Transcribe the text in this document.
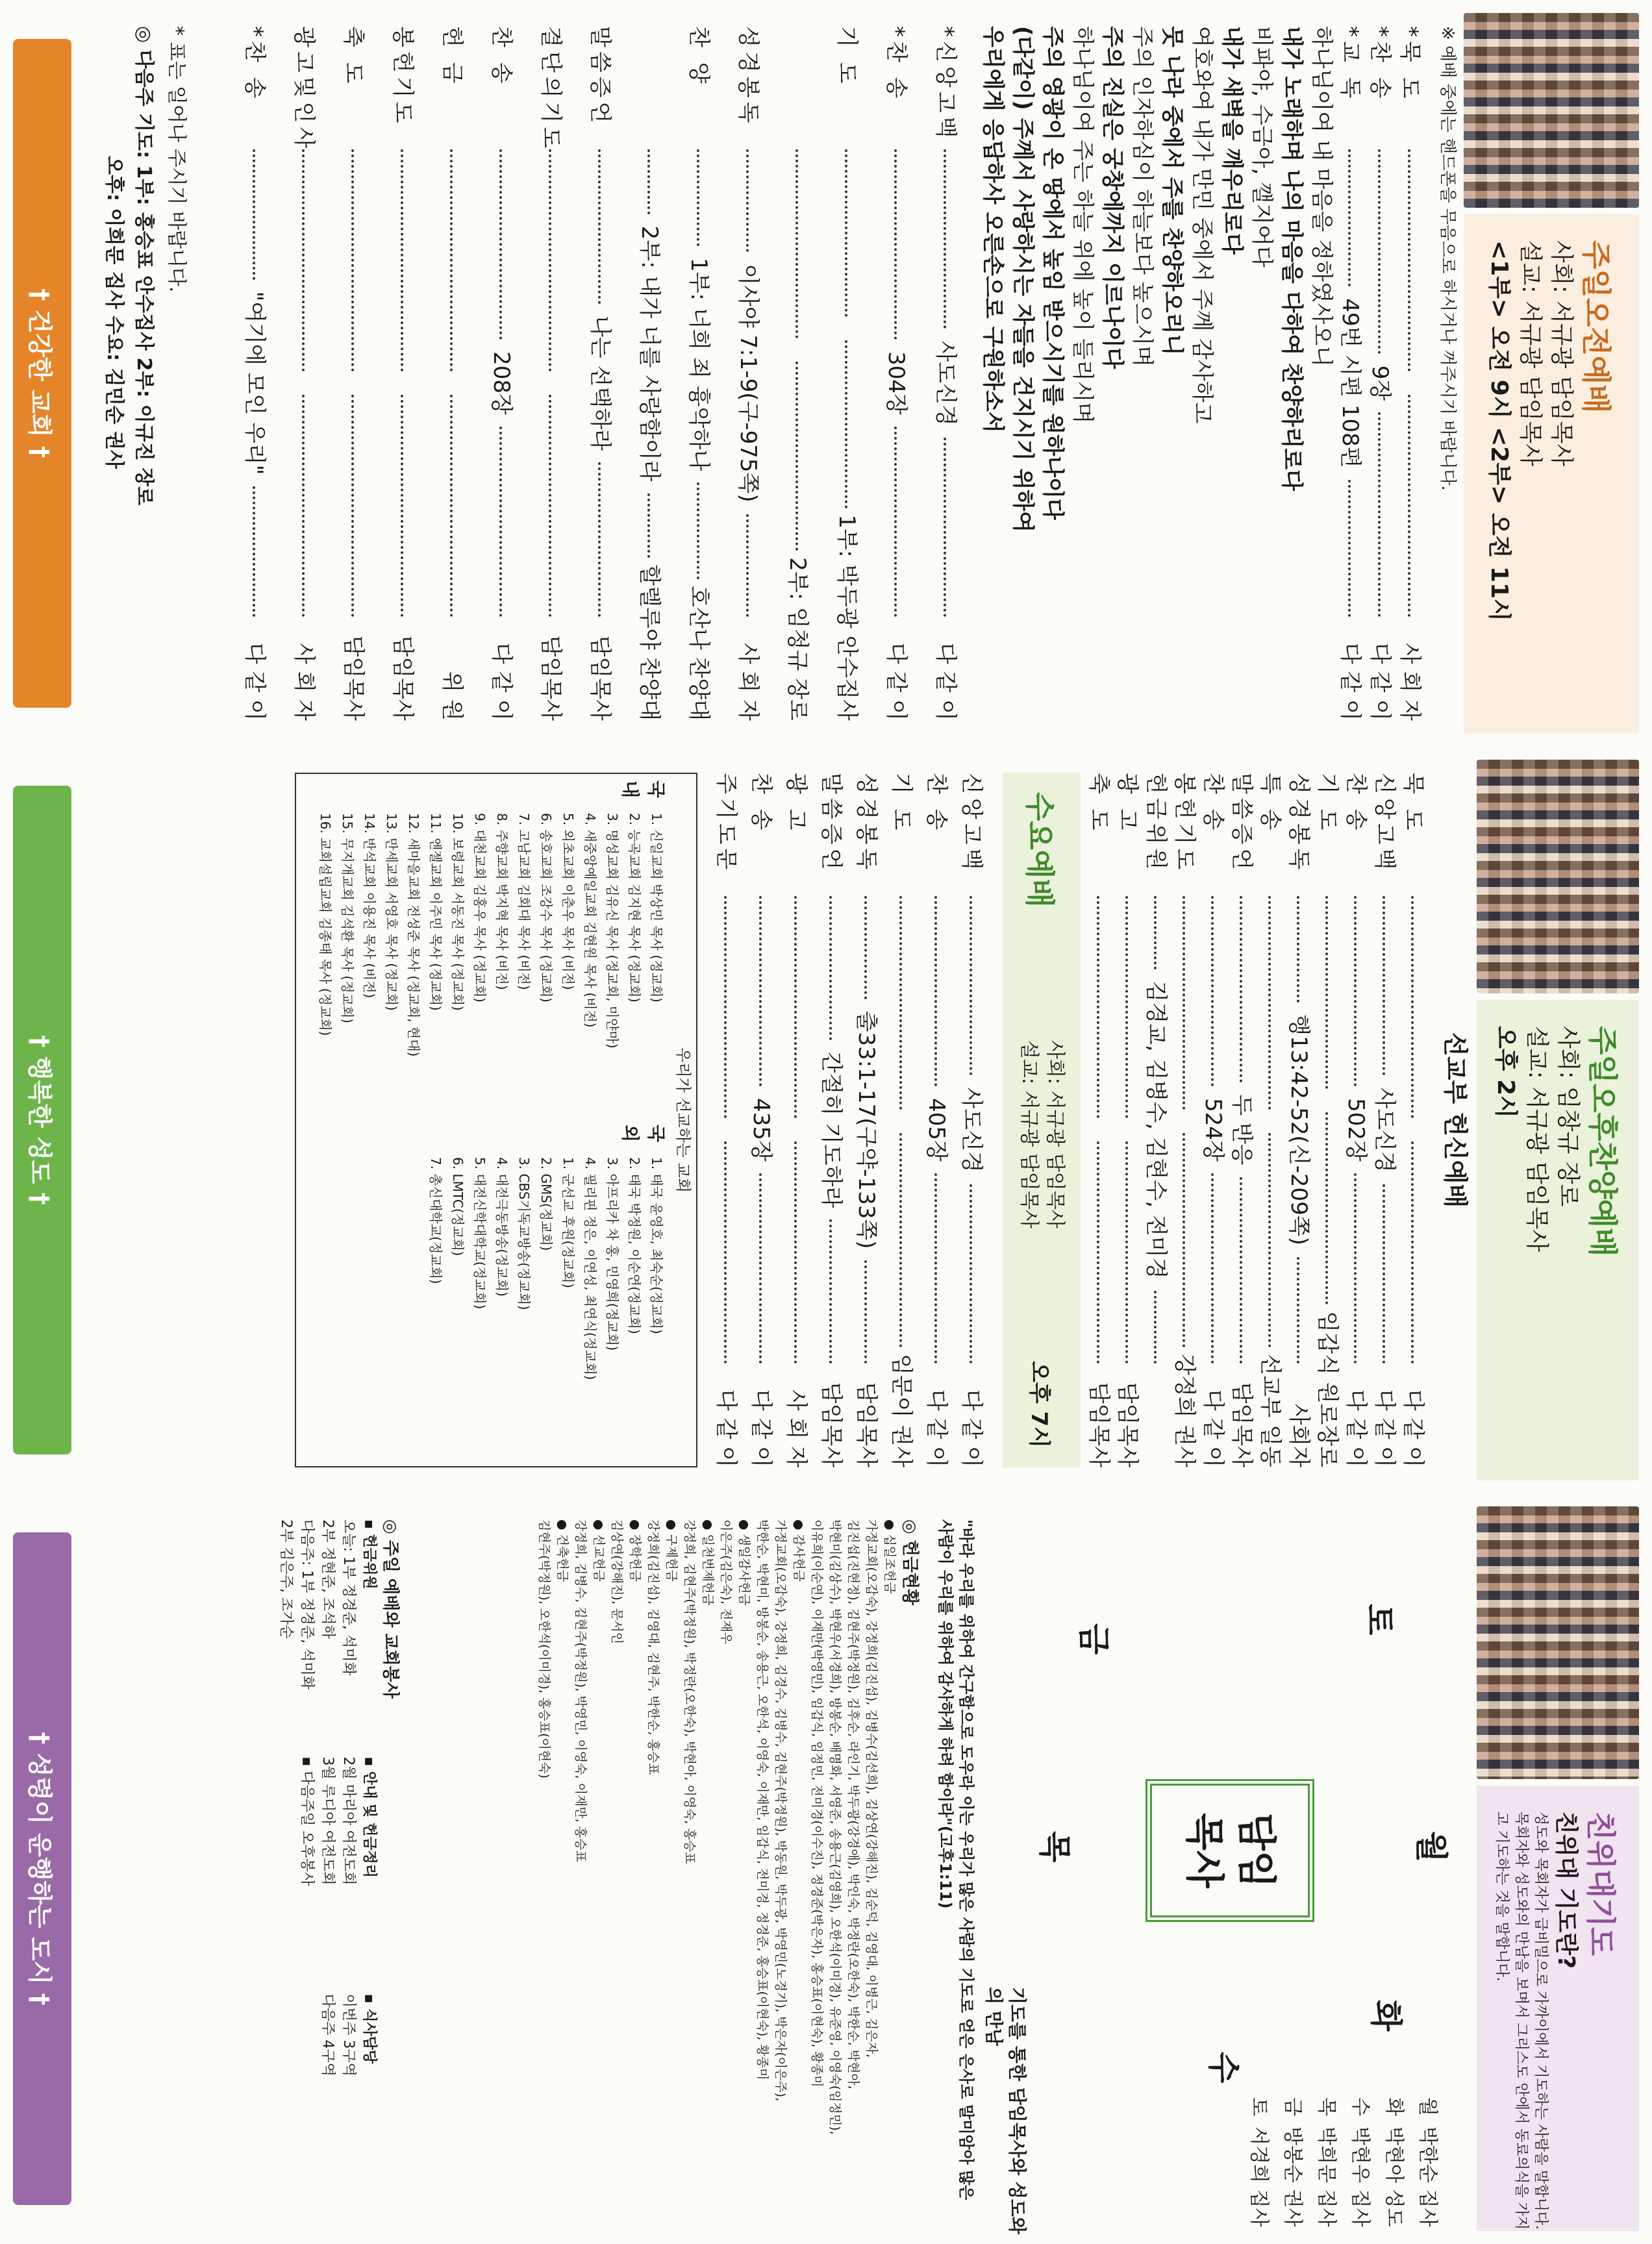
주일오전예배
사회: 서규광 담임목사
설교: 서규광 담임목사
<1부> 오전 9시 <2부> 오전 11시
※ 예배 중에는 핸드폰을 무음으로 하시거나 꺼주시기 바랍니다.
*묵 도
사 회 자
*찬 송
9장
다 같 이
*교 독
49번 시편 108편
다 같 이
하나님이여 내 마음을 정하였사오니
내가 노래하며 나의 마음을 다하여 찬양하리로다
비파야, 수금아, 깰지어다
내가 새벽을 깨우리로다
여호와여 내가 만민 중에서 주께 감사하고
뭇 나라 중에서 주를 찬양하오리니
주의 인자하심이 하늘보다 높으시며
주의 진실은 궁창에까지 이르나이다
하나님이여 주는 하늘 위에 높이 들리시며
주의 영광이 온 땅에서 높임 받으시기를 원하나이다
(다같이) 주께서 사랑하시는 자들을 건지시기 위하여
우리에게 응답하사 오른손으로 구원하소서
*신앙고백
사도신경
다 같 이
*찬 송
304장
다 같 이
기 도
1부: 박두광 안수집사
2부: 임청규 장로
성경봉독
이사야 7:1-9(구-975쪽)
사 회 자
찬 양
1부: 너희 죄 흉악하나
호산나 찬양대
2부: 내가 너를 사랑함이라
할렐루야 찬양대
말씀증언
나는 선택하라
담임목사
결단의기도
담임목사
찬 송
208장
다 같 이
헌 금
위 원
봉헌기도
담임목사
축 도
담임목사
광고및인사
사 회 자
*찬 송
"여기에 모인 우리"
다 같 이
* 표는 일어나 주시기 바랍니다.
◎ 다음주 기도: 1부: 홍승표 안수집사 2부: 이규진 장로
오후: 이희문 집사 수요: 김민순 권사
† 건강한 교회 †
주일오후찬양예배
사회: 임창규 장로
설교: 서규광 담임목사
오후 2시
선교부 헌신예배
묵 도
다 같 이
신앙고백
사도신경
다 같 이
찬 송
502장
다 같 이
기 도
임갑식 원로장로
성경봉독
행13:42-52(신-209쪽)
사회자
특 송
선교부 일동
말씀증언
두 반응
담임목사
찬 송
524장
다 같 이
봉헌기도
강정희 권사
헌금위원
김경교, 김병수, 김현수, 전미경
광 고
담임목사
축 도
담임목사
수요예배
사회: 서규광 담임목사
설교: 서규광 담임목사
오후 7시
신앙고백
사도신경
다 같 이
찬 송
405장
다 같 이
기 도
임문이 권사
성경봉독
출33:1-17(구약-133쪽)
담임목사
말씀증언
간절히 기도하라
담임목사
광 고
사 회 자
찬 송
435장
다 같 이
주기도문
다 같 이
우리가 선교하는 교회
국 내
1. 신일교회 박상민 목사 (정교회)
2. 능곡교회 김지현 목사 (정교회)
3. 명성교회 김유신 목사 (정교회, 미얀마)
4. 새중앙예일교회 김현원 목사 (비전)
5. 외초교회 이춘우 목사 (비전)
6. 송호교회 조강수 목사 (정교회)
7. 고남교회 김회대 목사 (비전)
8. 주향교회 박지혁 목사 (비전)
9. 대천교회 김홍우 목사 (정교회)
10. 보령교회 서동진 목사 (정교회)
11. 엔젤교회 이주민 목사 (정교회)
12. 새마을교회 전성준 목사 (정교회, 현대)
13. 만세교회 서영호 목사 (정교회)
14. 반석교회 이용진 목사 (비전)
15. 무지개교회 김석환 목사 (정교회)
16. 교회설립교회 김종태 목사 (정교회)
국 외
1. 태국 윤영호, 최숙순(정교회)
2. 태국 박정원, 이순연(정교회)
3. 아프리카 차 홍, 민영희(정교회)
4. 필리핀 정은, 이연성, 최연식(정교회)
1. 군선교 후원(정교회)
2. GMS(정교회)
3. CBS기독교방송(정교회)
4. 대전극동방송(정교회)
5. 대전신학대학교(정교회)
6. LMTC(정교회)
7. 총신대학교(정교회)
† 행복한 성도 †
친위대기도
친위대 기도란?
성도와 목회자가 급비밀으로 가까이에서 기도하는 사람을 말합니다. 목회자와 성도와의 만남을 보며서 그리스도 안에서 동료의식을 가지고 기도하는 것을 말합니다.
월
화
수
목
금
토
담임
목사
월박한순 집사
화박현아 성도
수박현우 집사
목박희문 집사
금방봉순 권사
토서경희 집사
기도를 통한 담임목사와 성도와의 만남
"바라 우리를 위하여 간구함으로 도우라 이는 우리가 많은 사람의 기도로 얻은 은사로 말미암아 많은 사람이 우리를 위하여 감사하게 하려 함이라"(고후1:11)
◎ 헌금현황
● 십일조헌금
가정교회(오갑숙), 강정희(김진섭), 김병수(김선희), 김상연(강해진), 김순덕, 김영대, 이병근, 김은자,
김진섭(진현정), 김현주(박정원), 김후순, 라인기, 박두광(강경애), 박인숙, 박정란(오한숙), 박한순, 박현아,
박현미(김상수), 박현우(서경희), 방봉순, 배명화, 서영준, 송용근(김영희), 오한석(이미경), 유준영, 이영숙(임정민),
이유희(이순연), 이재만(박영민), 임갑식, 임정민, 전미경(이수진), 정경준(박은자), 홍승표(이현숙), 황종미
● 감사헌금
가정교회(오갑숙), 강정희, 김경수, 김병수, 김현주(박정원), 박동원, 박두광, 박영민(노경기), 박은자(이은주),
박한순, 박현미, 방봉순, 송용근, 오한석, 이영숙, 이재만, 임갑식, 전미경, 정경준, 홍승표(이현숙), 황종미
● 생일감사헌금
이은주(김은숙), 전재우
● 일천번제헌금
강정희, 김현주(박정원), 박정란(오한숙), 박현아, 이영숙, 홍승표
● 구제헌금
강정희(김진섭), 김영대, 김현주, 박한순, 홍승표
● 장학헌금
김상연(강해진), 문서인
● 선교헌금
강정희, 김병수, 김현주(박정원), 박영민, 이영숙, 이재만, 홍승표
● 건축헌금
김현주(박정원), 오한석(이미경), 홍승표(이현숙)
◎ 주일 예배와 교회봉사
▪ 헌금위원
오늘: 1부 정경준, 석미화
2부 정현준, 조석하
다음주: 1부 정경준, 석미화
2부 김은주, 조가순
▪ 안내 및 헌금정리
2월 마리아 여전도회
3월 루디아 여전도회
▪ 다음주일 오후봉사
▪ 식사담당
이번주 3구역
다음주 4구역
† 성령이 운행하는 도시 †
